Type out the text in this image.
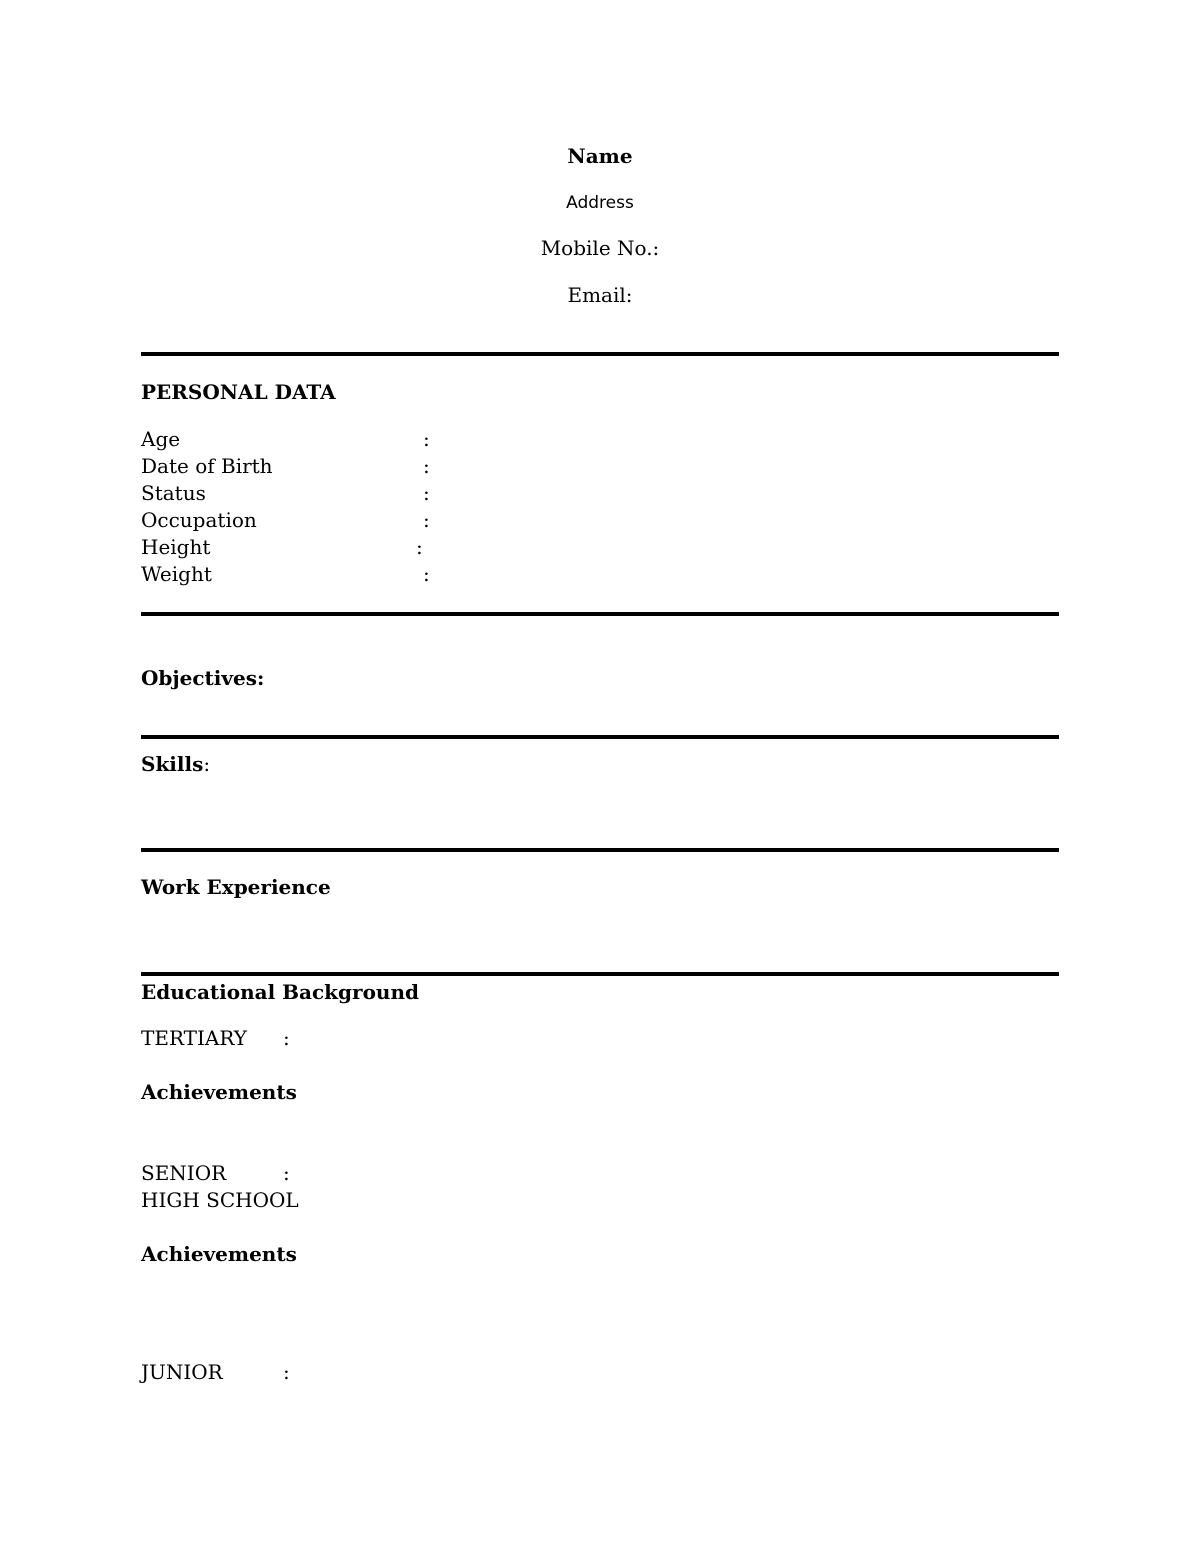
Name
Address
Mobile No.:
Email:
PERSONAL DATA
Age	:
Date of Birth	:
Status	:
Occupation	:
Height	:
Weight	:
Objectives:
Skills:
Work Experience
Educational Background
TERTIARY :
Achievements
SENIOR	:
HIGH SCHOOL
Achievements
JUNIOR	:
